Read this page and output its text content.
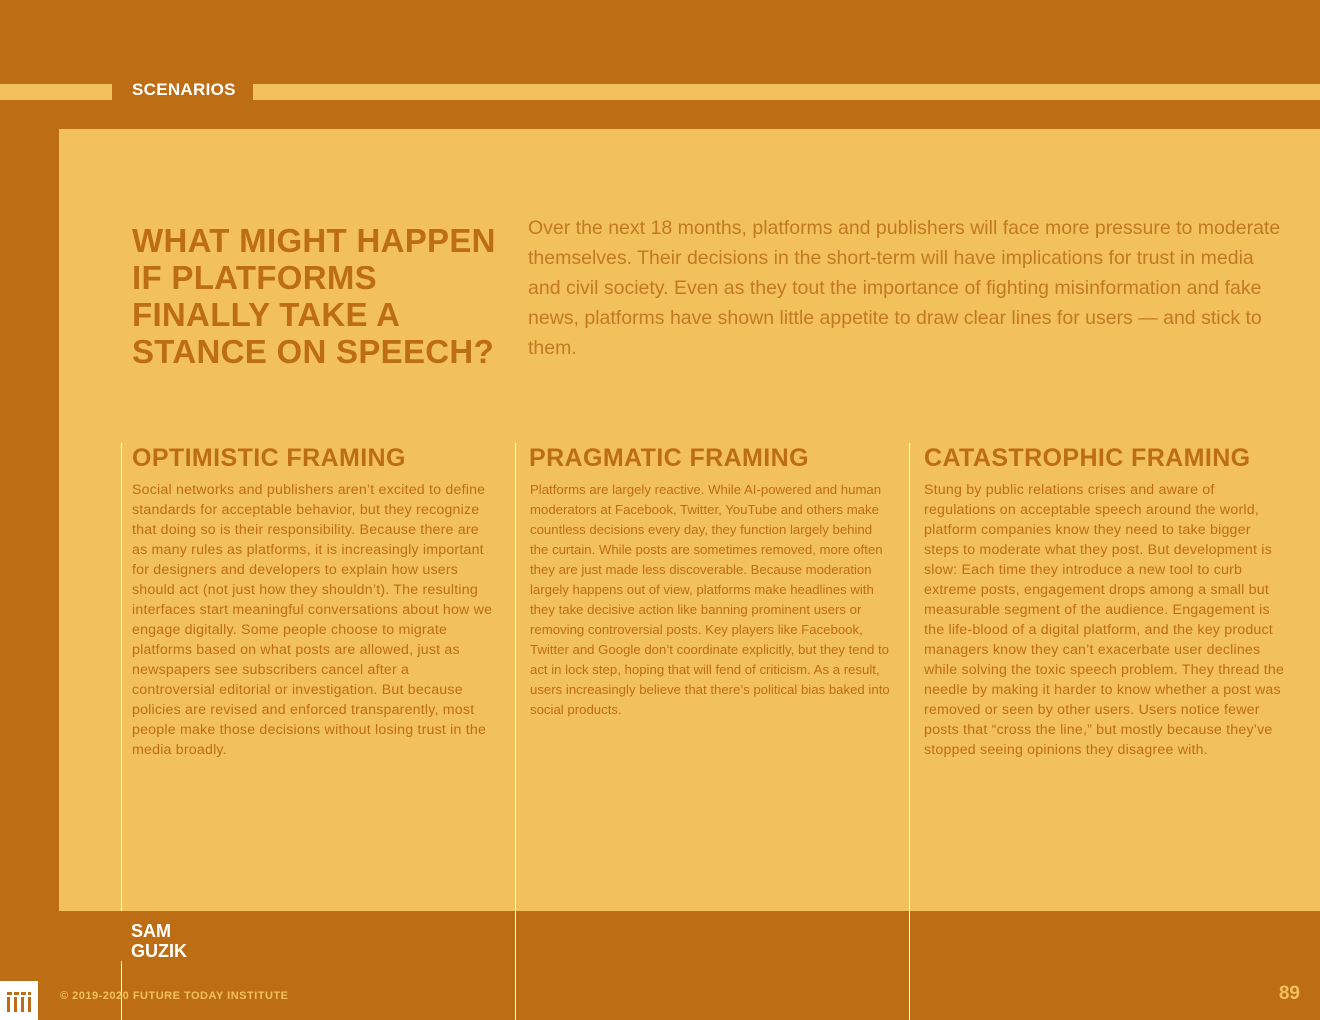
SCENARIOS
WHAT MIGHT HAPPEN IF PLATFORMS FINALLY TAKE A STANCE ON SPEECH?

Over the next 18 months, platforms and publishers will face more pressure to moderate themselves. Their decisions in the short-term will have implications for trust in media and civil society. Even as they tout the importance of fighting misinformation and fake news, platforms have shown little appetite to draw clear lines for users — and stick to them.

OPTIMISTIC FRAMING

Social networks and publishers aren’t excited to define standards for acceptable behavior, but they recognize that doing so is their responsibility. Because there are as many rules as platforms, it is increasingly important for designers and developers to explain how users should act (not just how they shouldn’t). The resulting interfaces start meaningful conversations about how we engage digitally. Some people choose to migrate platforms based on what posts are allowed, just as newspapers see subscribers cancel after a controversial editorial or investigation. But because policies are revised and enforced transparently, most people make those decisions without losing trust in the media broadly.

PRAGMATIC FRAMING

Platforms are largely reactive. While AI-powered and human moderators at Facebook, Twitter, YouTube and others make countless decisions every day, they function largely behind the curtain. While posts are sometimes removed, more often they are just made less discoverable. Because moderation largely happens out of view, platforms make headlines with they take decisive action like banning prominent users or removing controversial posts. Key players like Facebook, Twitter and Google don’t coordinate explicitly, but they tend to act in lock step, hoping that will fend of criticism. As a result, users increasingly believe that there’s political bias baked into social products.

CATASTROPHIC FRAMING

Stung by public relations crises and aware of regulations on acceptable speech around the world, platform companies know they need to take bigger steps to moderate what they post. But development is slow: Each time they introduce a new tool to curb extreme posts, engagement drops among a small but measurable segment of the audience. Engagement is the life-blood of a digital platform, and the key product managers know they can’t exacerbate user declines while solving the toxic speech problem. They thread the needle by making it harder to know whether a post was removed or seen by other users. Users notice fewer posts that “cross the line,” but mostly because they’ve stopped seeing opinions they disagree with.

SAM
GUZIK
© 2019-2020 FUTURE TODAY INSTITUTE	89
